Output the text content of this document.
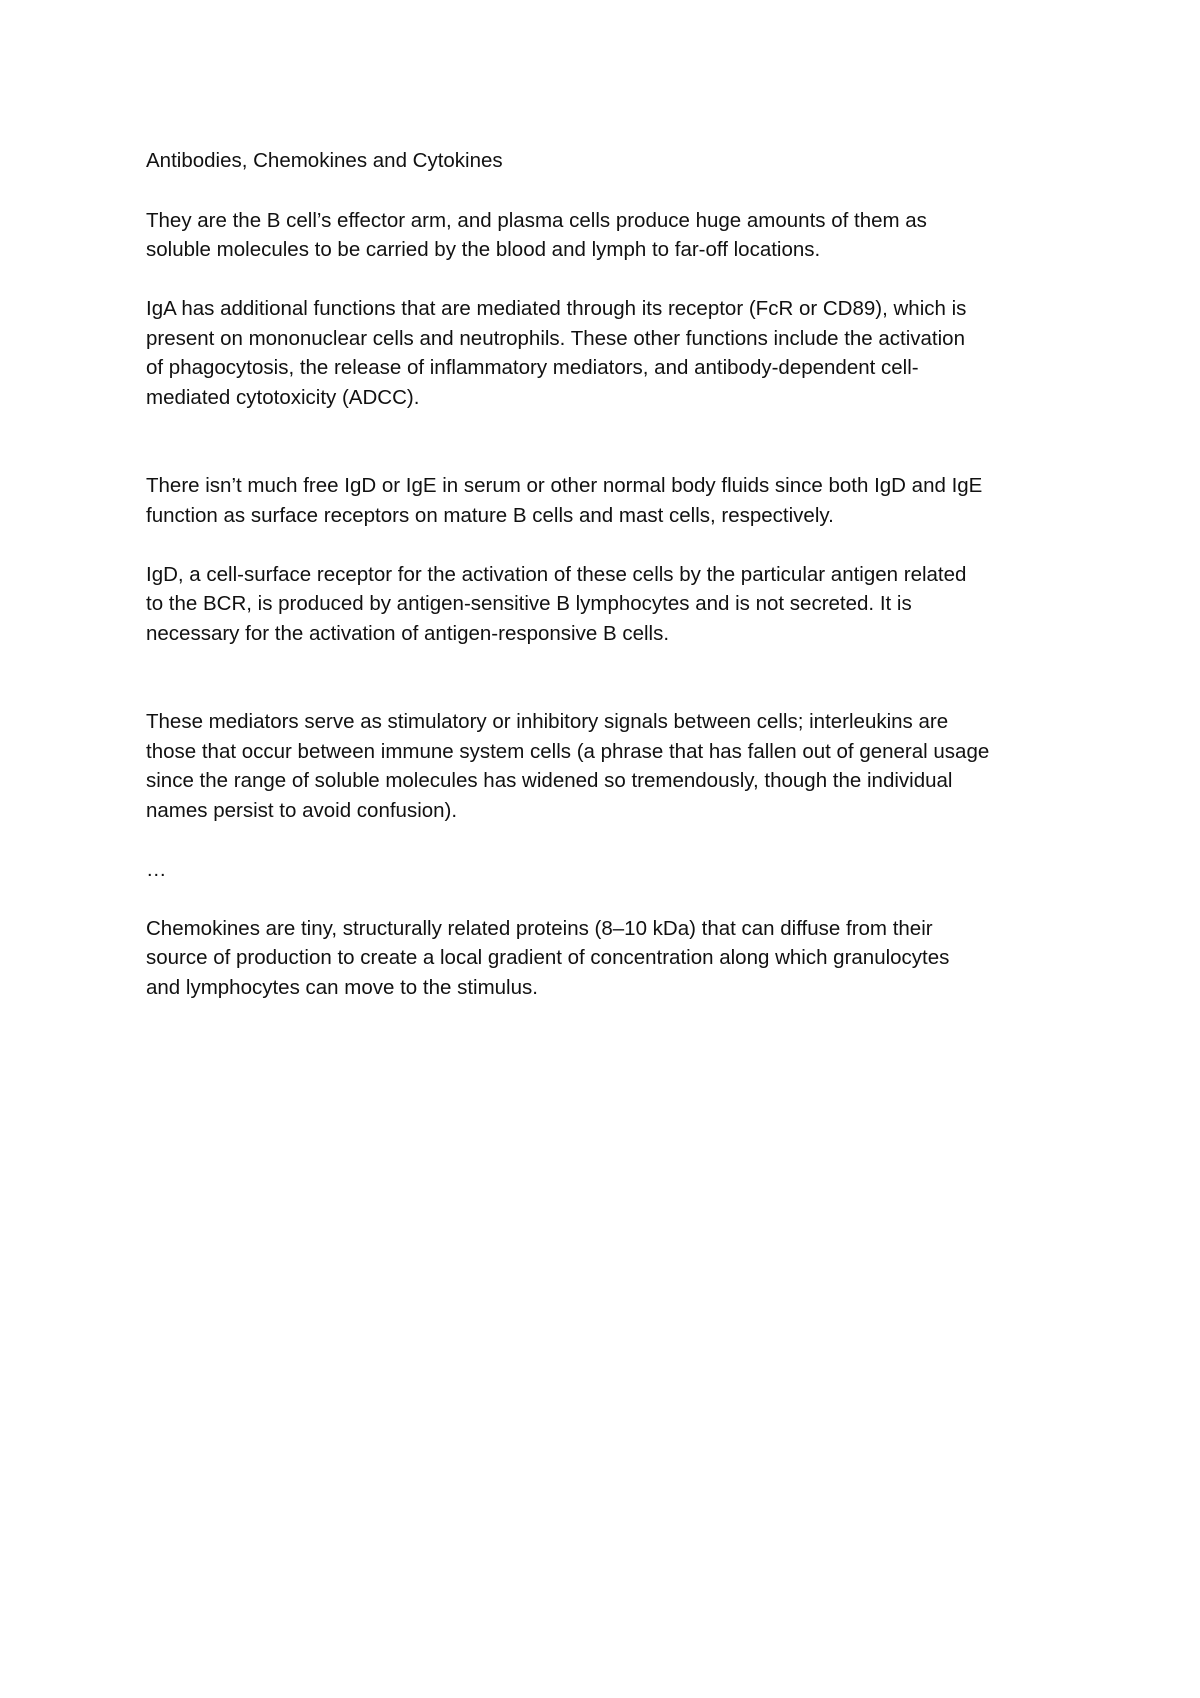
Antibodies, Chemokines and Cytokines

They are the B cell’s effector arm, and plasma cells produce huge amounts of them as
soluble molecules to be carried by the blood and lymph to far-off locations.

IgA has additional functions that are mediated through its receptor (FcR or CD89), which is
present on mononuclear cells and neutrophils. These other functions include the activation
of phagocytosis, the release of inflammatory mediators, and antibody-dependent cell-
mediated cytotoxicity (ADCC).

There isn’t much free IgD or IgE in serum or other normal body fluids since both IgD and IgE
function as surface receptors on mature B cells and mast cells, respectively.

IgD, a cell-surface receptor for the activation of these cells by the particular antigen related
to the BCR, is produced by antigen-sensitive B lymphocytes and is not secreted. It is
necessary for the activation of antigen-responsive B cells.

These mediators serve as stimulatory or inhibitory signals between cells; interleukins are
those that occur between immune system cells (a phrase that has fallen out of general usage
since the range of soluble molecules has widened so tremendously, though the individual
names persist to avoid confusion).

…

Chemokines are tiny, structurally related proteins (8–10 kDa) that can diffuse from their
source of production to create a local gradient of concentration along which granulocytes
and lymphocytes can move to the stimulus.
